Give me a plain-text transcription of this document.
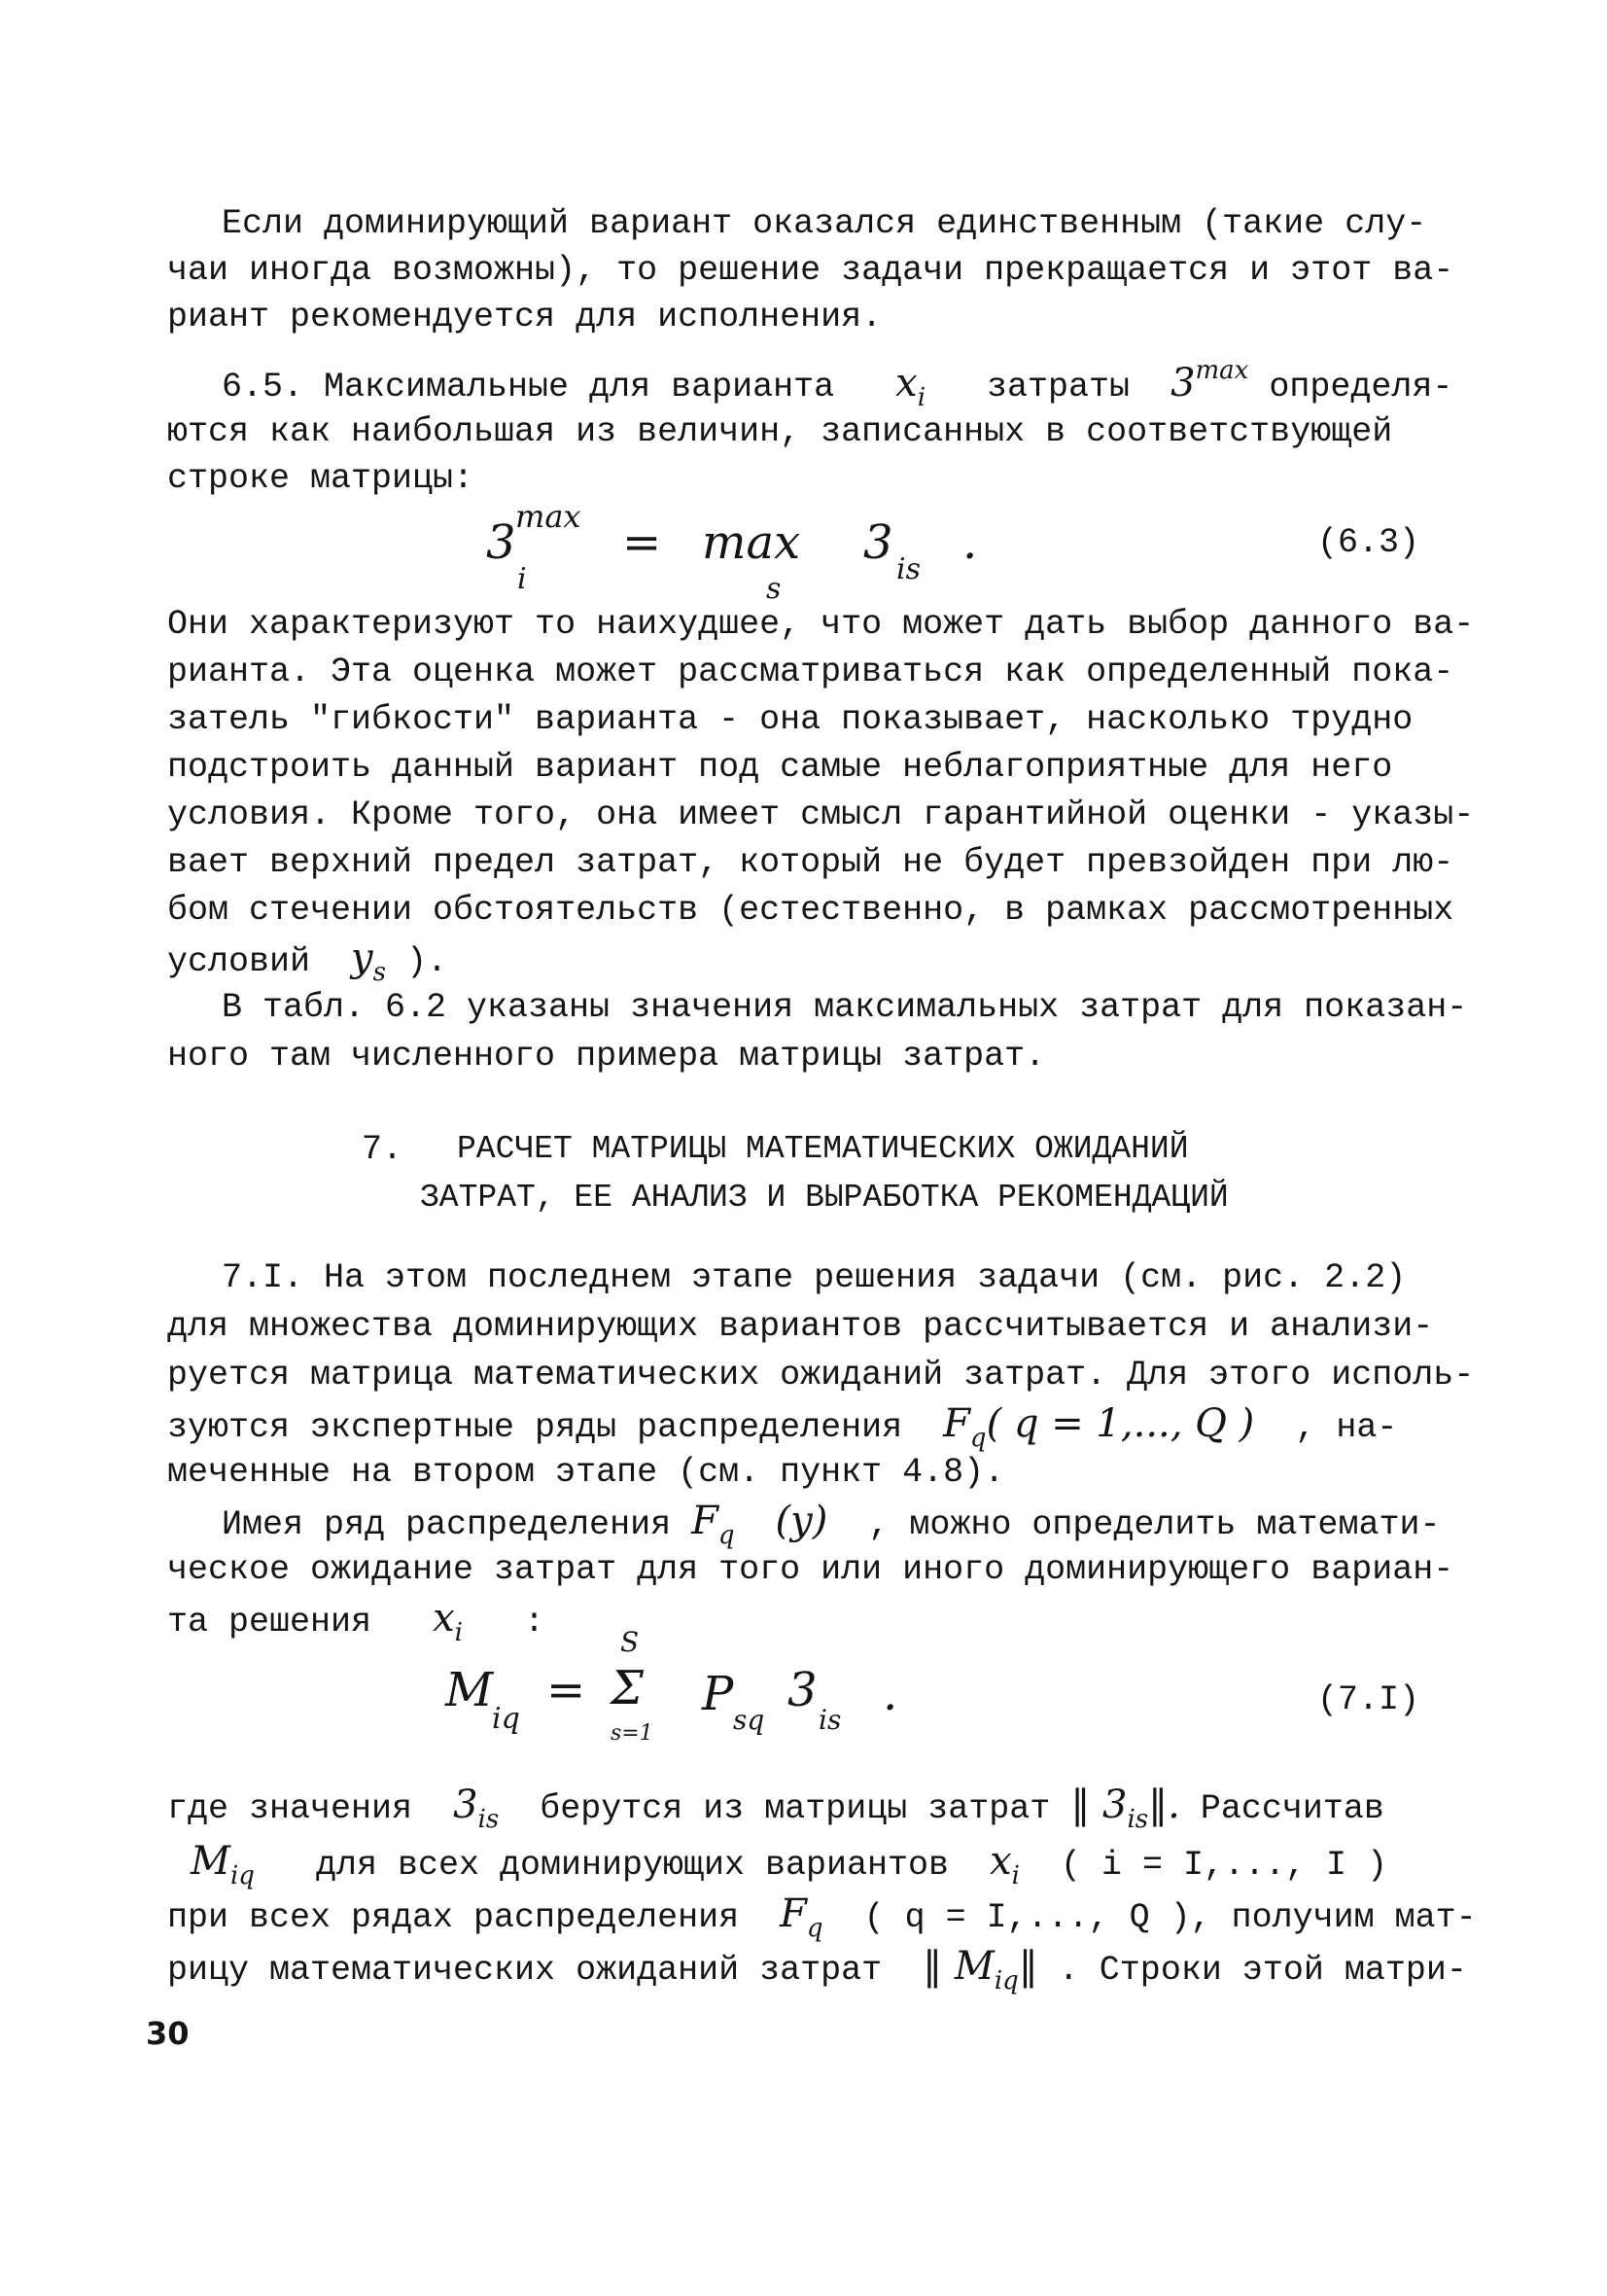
Если доминирующий вариант оказался единственным (такие слу-
чаи иногда возможны), то решение задачи прекращается и этот ва-
риант рекомендуется для исполнения.
6.5. Максимальные для варианта $x_i$ затраты $3^{max}$ определя-
ются как наибольшая из величин, записанных в соответствующей
строке матрицы:
3 max
i
= max
s
3 is .	(6.3)
Они характеризуют то наихудшее, что может дать выбор данного ва-
рианта. Эта оценка может рассматриваться как определенный пока-
затель "гибкости" варианта - она показывает, насколько трудно
подстроить данный вариант под самые неблагоприятные для него
условия. Кроме того, она имеет смысл гарантийной оценки - указы-
вает верхний предел затрат, который не будет превзойден при лю-
бом стечении обстоятельств (естественно, в рамках рассмотренных
условий $y_s$ ).
В табл. 6.2 указаны значения максимальных затрат для показан-
ного там численного примера матрицы затрат.
7. РАСЧЕТ МАТРИЦЫ МАТЕМАТИЧЕСКИХ ОЖИДАНИЙ
ЗАТРАТ, ЕЕ АНАЛИЗ И ВЫРАБОТКА РЕКОМЕНДАЦИЙ
7.I. На этом последнем этапе решения задачи (см. рис. 2.2)
для множества доминирующих вариантов рассчитывается и анализи-
руется матрица математических ожиданий затрат. Для этого исполь-
зуются экспертные ряды распределения $F_q$( q = 1,..., Q ) , на-
меченные на втором этапе (см. пункт 4.8).
Имея ряд распределения $F_q$ (y) , можно определить математи-
ческое ожидание затрат для того или иного доминирующего вариан-
та решения $x_i$ :
M
iq
=
S
Σ
s=1
P sq
3
is .	(7.I)
где значения $3_{is}$ берутся из матрицы затрат ‖ $3_{is}‖$. Рассчитав
$M_{iq}$ для всех доминирующих вариантов $x_i$ ( i = I,..., I )
при всех рядах распределения $F_q$ ( q = I,..., Q ), получим мат-
рицу математических ожиданий затрат ‖ $M_{iq}‖$ . Строки этой матри-
30
